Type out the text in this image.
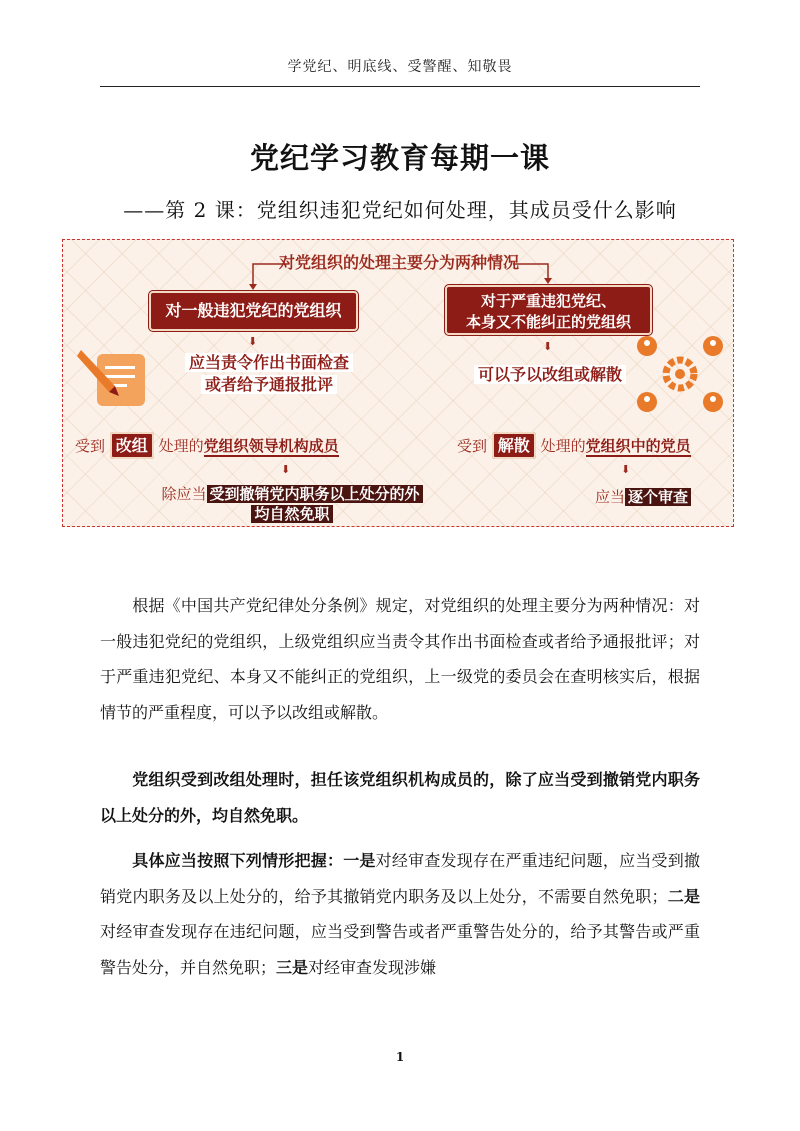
学党纪、明底线、受警醒、知敬畏
党纪学习教育每期一课
——第 2 课：党组织违犯党纪如何处理，其成员受什么影响
对党组织的处理主要分为两种情况
对一般违犯党纪的党组织	对于严重违犯党纪、
本身又不能纠正的党组织
⬇	⬇
应当责令作出书面检查
或者给予通报批评
可以予以改组或解散
受到 改组 处理的党组织领导机构成员	受到 解散 处理的党组织中的党员
⬇	⬇
除应当 受到撤销党内职务以上处分的外
均自然免职
应当 逐个审查
根据《中国共产党纪律处分条例》规定，对党组织的处理主要分为两种情况：对一般违犯党纪的党组织，上级党组织应当责令其作出书面检查或者给予通报批评；对于严重违犯党纪、本身又不能纠正的党组织，上一级党的委员会在查明核实后，根据情节的严重程度，可以予以改组或解散。
党组织受到改组处理时，担任该党组织机构成员的，除了应当受到撤销党内职务以上处分的外，均自然免职。
具体应当按照下列情形把握：一是对经审查发现存在严重违纪问题，应当受到撤销党内职务及以上处分的，给予其撤销党内职务及以上处分，不需要自然免职；二是对经审查发现存在违纪问题，应当受到警告或者严重警告处分的，给予其警告或严重警告处分，并自然免职；三是对经审查发现涉嫌
1
